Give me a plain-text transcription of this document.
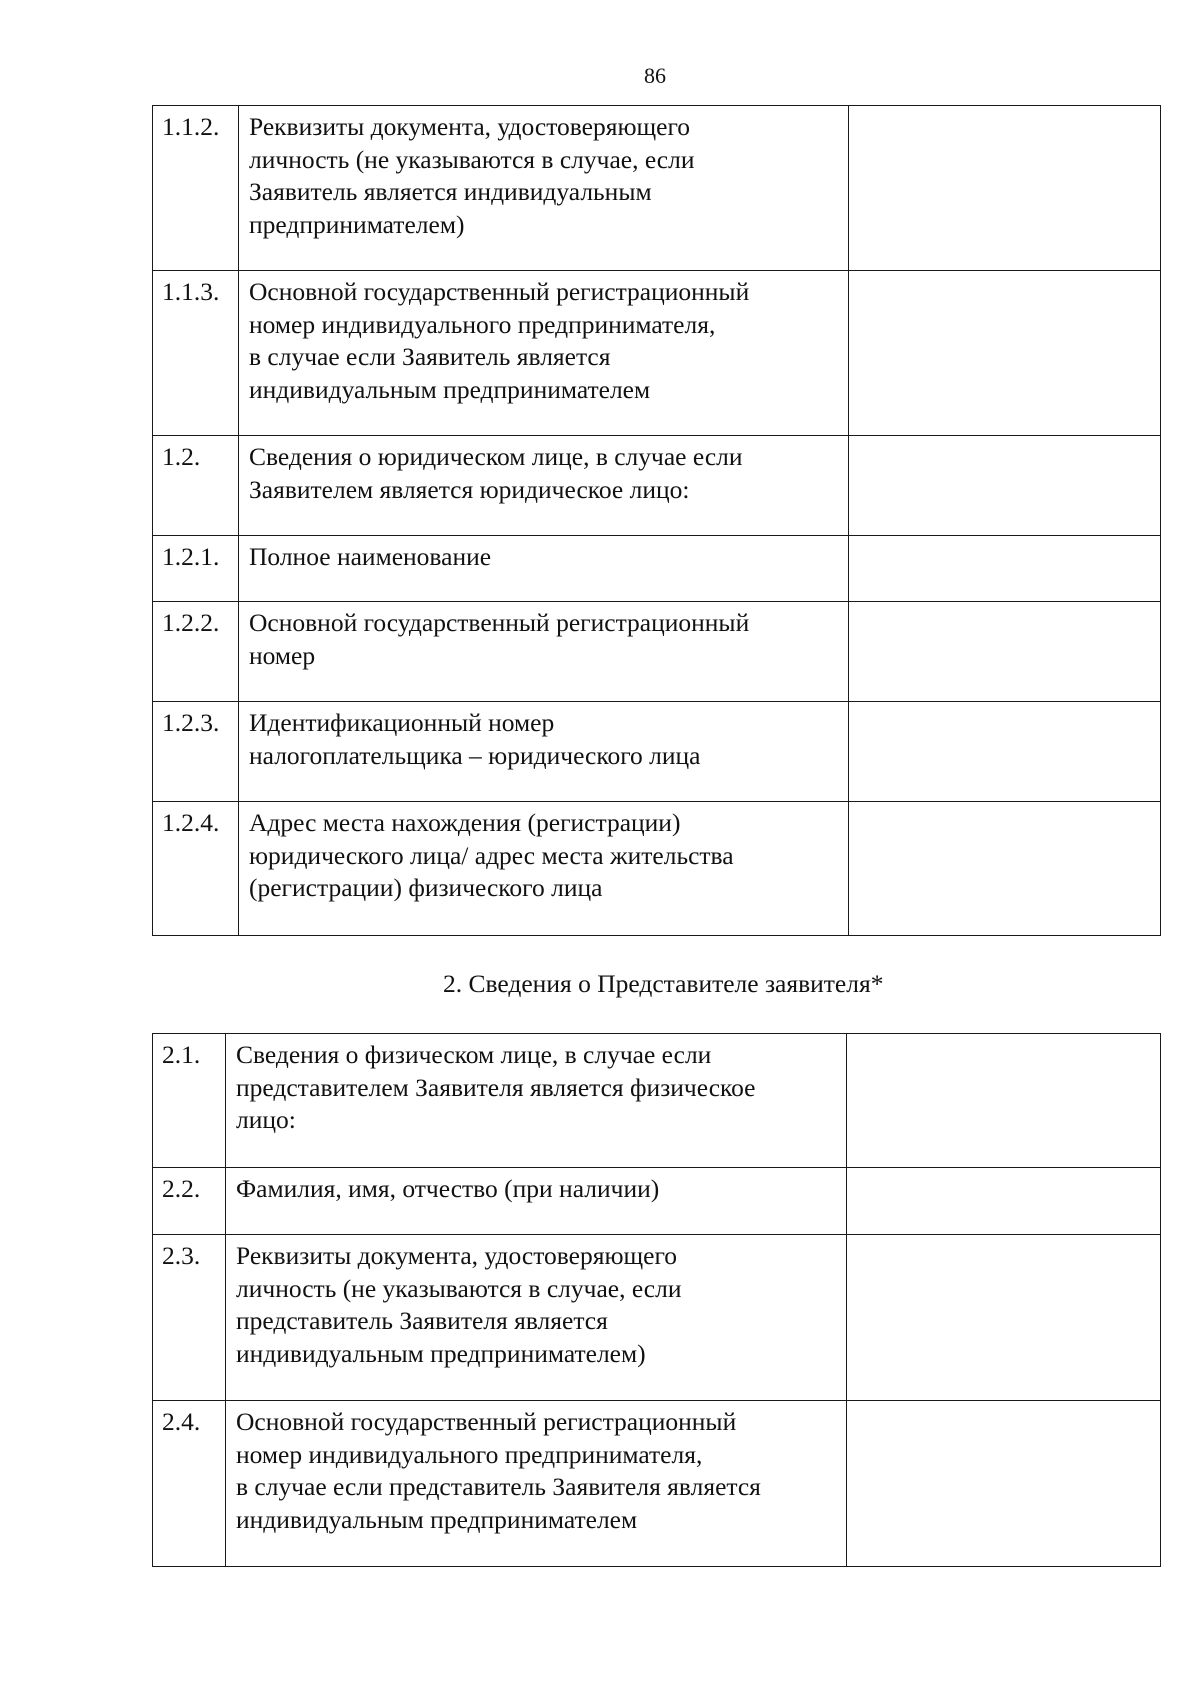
86
1.1.2.	Реквизиты документа, удостоверяющего
личность (не указываются в случае, если
Заявитель является индивидуальным
предпринимателем)	

1.1.3.	Основной государственный регистрационный
номер индивидуального предпринимателя,
в случае если Заявитель является
индивидуальным предпринимателем	

1.2.	Сведения о юридическом лице, в случае если
Заявителем является юридическое лицо:	

1.2.1.	Полное наименование	

1.2.2.	Основной государственный регистрационный
номер	

1.2.3.	Идентификационный номер
налогоплательщика – юридического лица	

1.2.4.	Адрес места нахождения (регистрации)
юридического лица/ адрес места жительства
(регистрации) физического лица	

2. Сведения о Представителе заявителя*
2.1.	Сведения о физическом лице, в случае если
представителем Заявителя является физическое
лицо:	

2.2.	Фамилия, имя, отчество (при наличии)	

2.3.	Реквизиты документа, удостоверяющего
личность (не указываются в случае, если
представитель Заявителя является
индивидуальным предпринимателем)	

2.4.	Основной государственный регистрационный
номер индивидуального предпринимателя,
в случае если представитель Заявителя является
индивидуальным предпринимателем	
